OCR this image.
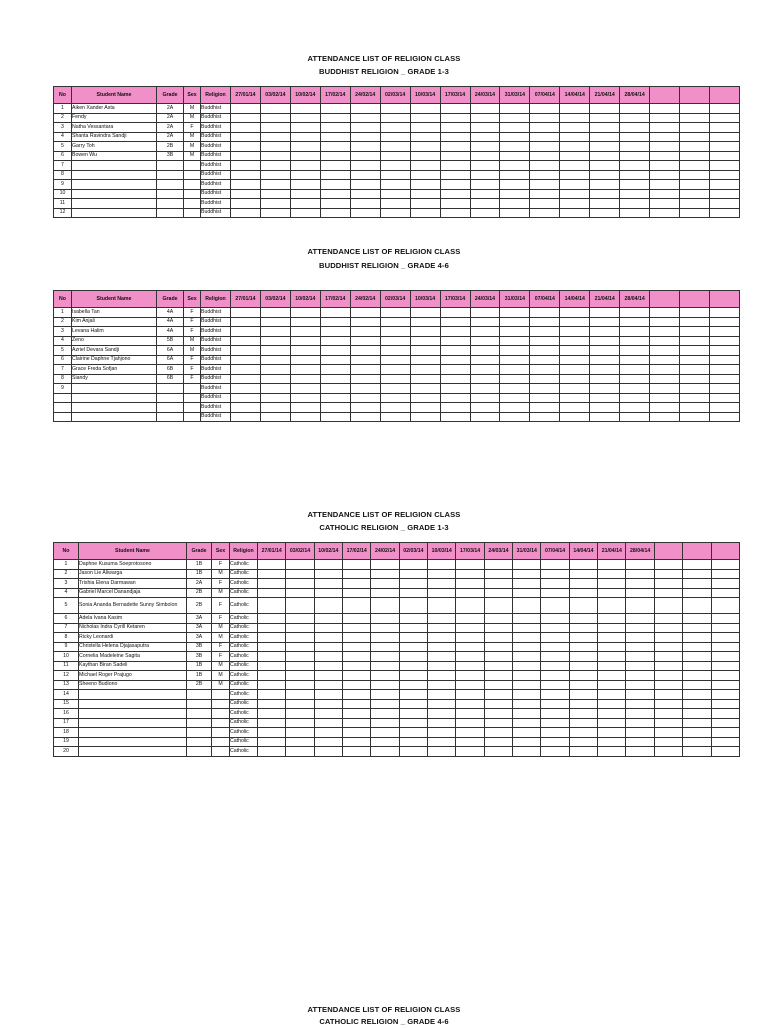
ATTENDANCE LIST OF RELIGION CLASS
BUDDHIST RELIGION _ GRADE 1-3
No	Student Name	Grade	Sex	Religion	27/01/14	03/02/14	10/02/14	17/02/14	24/02/14	02/03/14	10/03/14	17/03/14	24/03/14	31/03/14	07/04/14	14/04/14	21/04/14	28/04/14			
1	Aiken Xander Asta	2A	M	Buddhist																	
2	Fendy	2A	M	Buddhist																	
3	Natha Vessantara	2A	F	Buddhist																	
4	Shanta Ravindra Sandji	2A	M	Buddhist																	
5	Garry Toh	2B	M	Buddhist																	
6	Bowen Wu	3B	M	Buddhist																	
7				Buddhist																	
8				Buddhist																	
9				Buddhist																	
10				Buddhist																	
11				Buddhist																	
12				Buddhist																	
ATTENDANCE LIST OF RELIGION CLASS
BUDDHIST RELIGION _ GRADE 4-6
No	Student Name	Grade	Sex	Religion	27/01/14	03/02/14	10/02/14	17/02/14	24/02/14	02/03/14	10/03/14	17/03/14	24/03/14	31/03/14	07/04/14	14/04/14	21/04/14	28/04/14			
1	Isabella Tan	4A	F	Buddhist																	
2	Kim Anjali	4A	F	Buddhist																	
3	Levana Halim	4A	F	Buddhist																	
4	Zeno	5B	M	Buddhist																	
5	Azriel Devara Sandji	6A	M	Buddhist																	
6	Clairine Daphne Tjahjono	6A	F	Buddhist																	
7	Grace Freda Sofjan	6B	F	Buddhist																	
8	Siandy	6B	F	Buddhist																	
9				Buddhist																	
				Buddhist																	
				Buddhist																	
				Buddhist																	
ATTENDANCE LIST OF RELIGION CLASS
CATHOLIC RELIGION _ GRADE 1-3
No	Student Name	Grade	Sex	Religion	27/01/14	03/02/14	10/02/14	17/02/14	24/02/14	02/03/14	10/03/14	17/03/14	24/03/14	31/03/14	07/04/14	14/04/14	21/04/14	28/04/14			
1	Daphne Kusuma Soeprotosono	1B	F	Catholic																	
2	Jason Lie Aliwarga	1B	M	Catholic																	
3	Trishia Elena Darmawan	2A	F	Catholic																	
4	Gabriel Marcel Danandjaja	2B	M	Catholic																	
5	Sonia Ananda Bernadette Sunny Simbolon	2B	F	Catholic																	
6	Adela Ivana Kasim	3A	F	Catholic																	
7	Nicholas Indra Cyrill Ketaren	3A	M	Catholic																	
8	Ricky Leonardi	3A	M	Catholic																	
9	Christella Helena Djajasaputra	3B	F	Catholic																	
10	Cornelia Madeleine Sagita	3B	F	Catholic																	
11	Kaythan Biran Sadeli	1B	M	Catholic																	
12	Michael Roger Prajugo	1B	M	Catholic																	
13	Sheeno Budiono	2B	M	Catholic																	
14				Catholic																	
15				Catholic																	
16				Catholic																	
17				Catholic																	
18				Catholic																	
19				Catholic																	
20				Catholic																	
ATTENDANCE LIST OF RELIGION CLASS
CATHOLIC RELIGION _ GRADE 4-6
